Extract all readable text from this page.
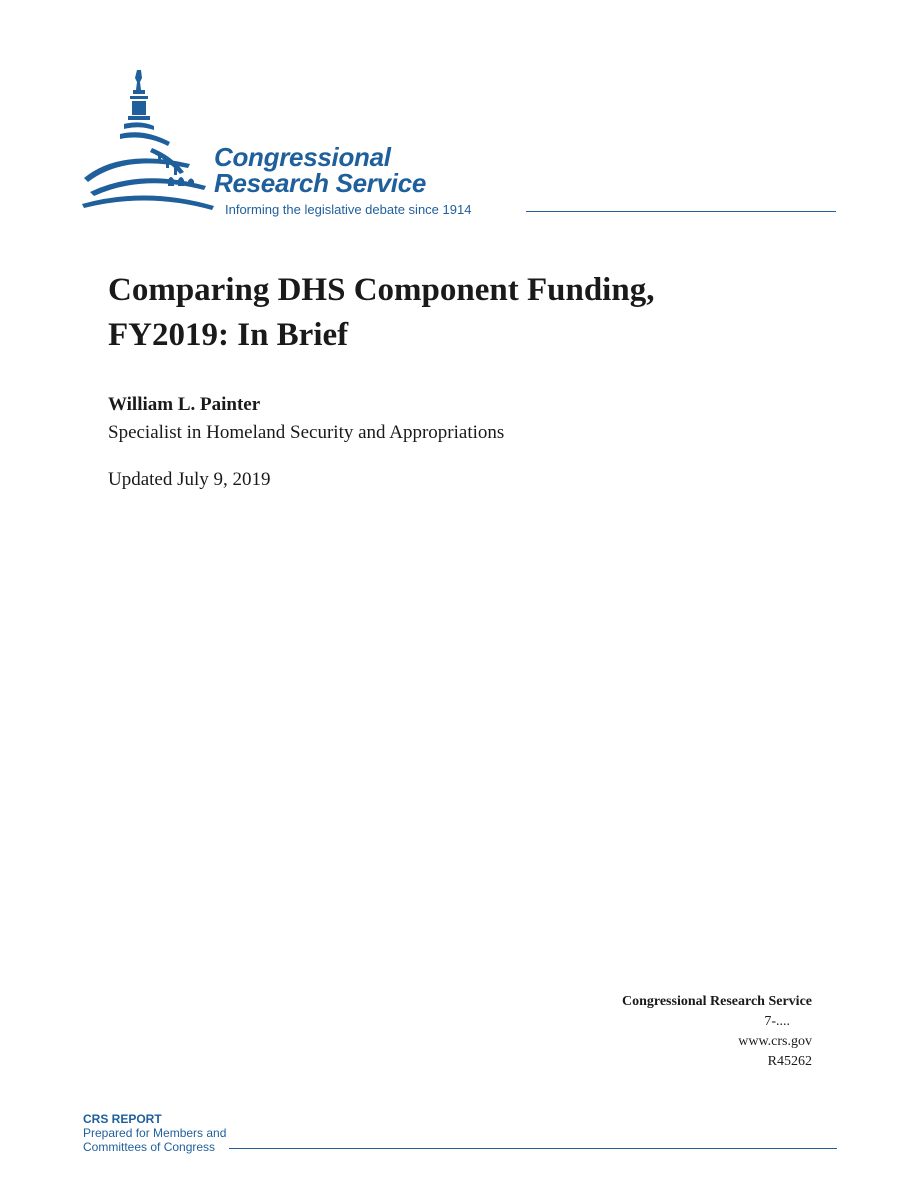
Congressional
Research Service
Informing the legislative debate since 1914
Comparing DHS Component Funding,
FY2019: In Brief
William L. Painter
Specialist in Homeland Security and Appropriations
Updated July 9, 2019
Congressional Research Service
7-....
www.crs.gov
R45262
CRS REPORT
Prepared for Members and
Committees of Congress
